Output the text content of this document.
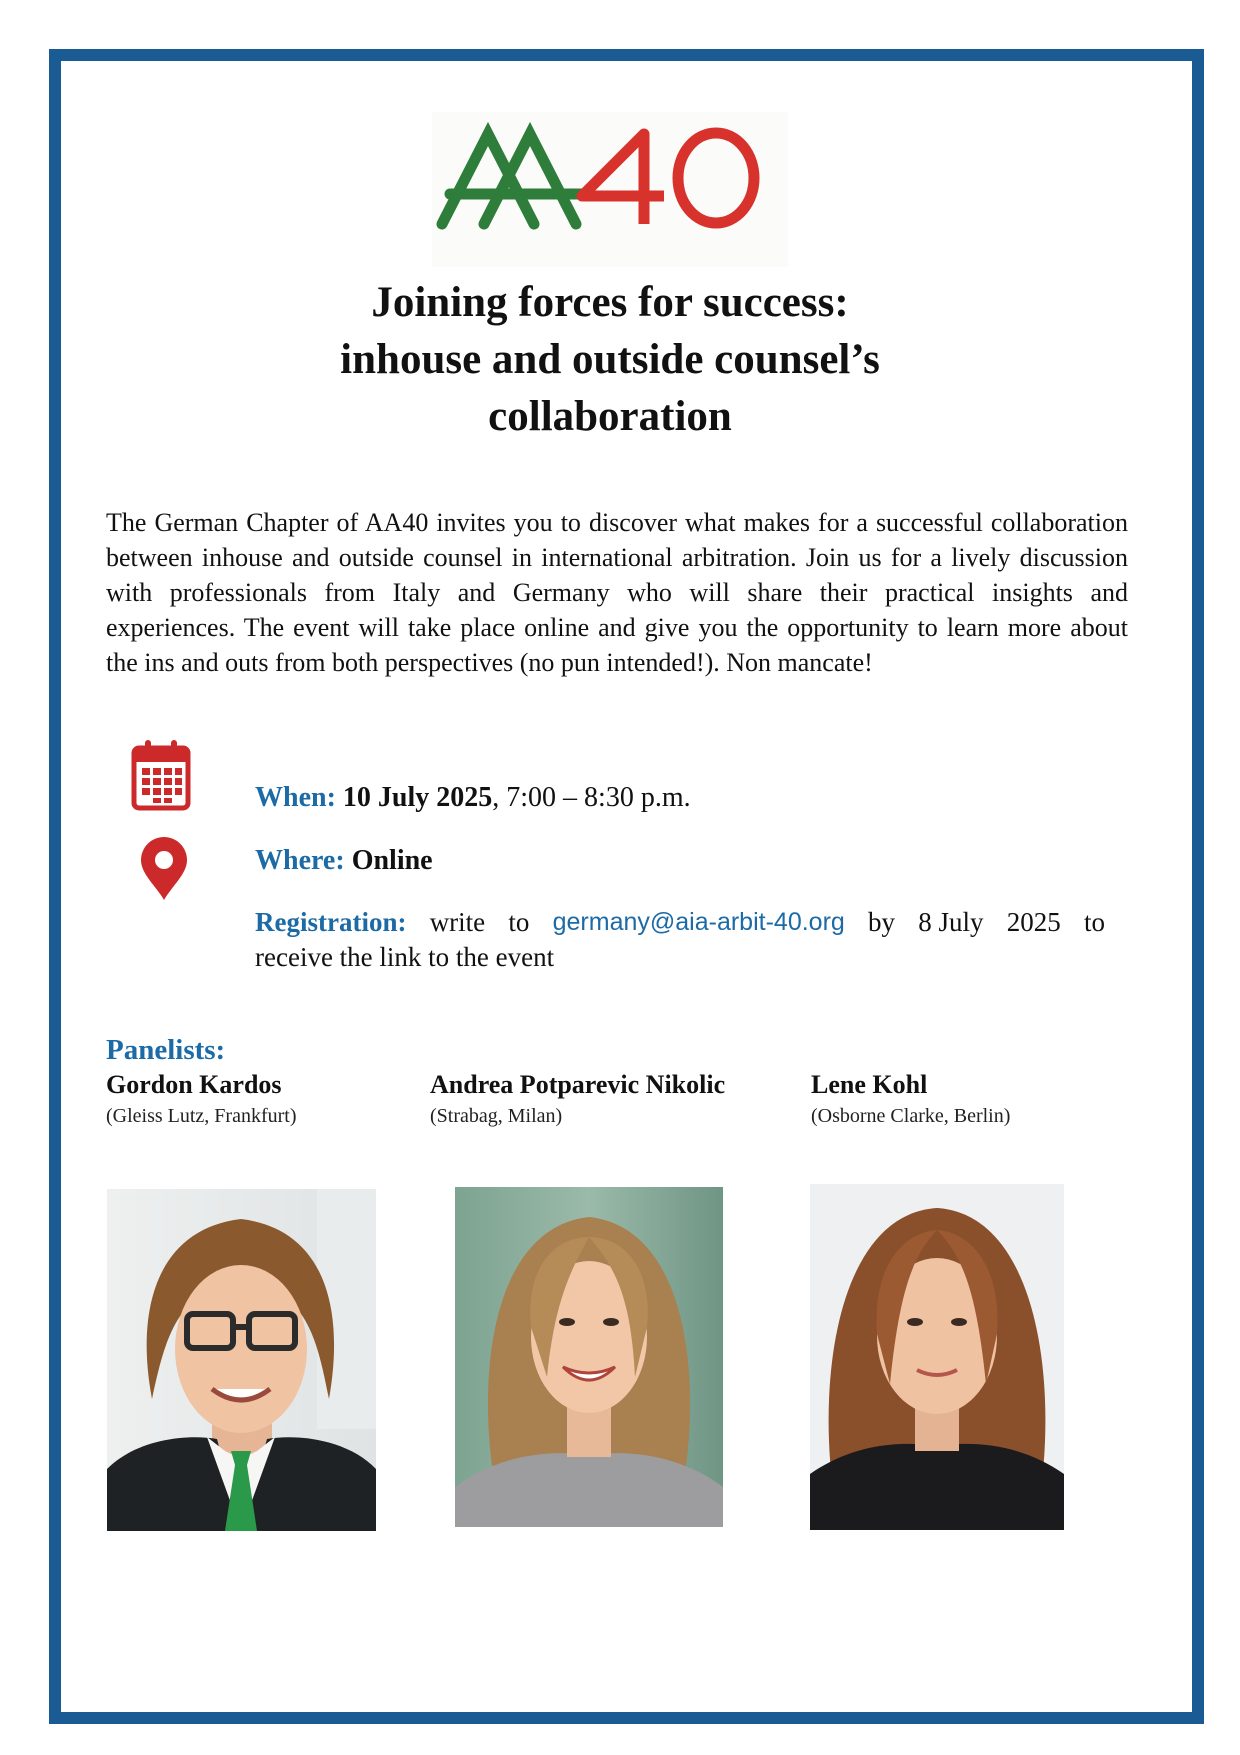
Joining forces for success:
inhouse and outside counsel’s
collaboration

The German Chapter of AA40 invites you to discover what makes for a successful collaboration between inhouse and outside counsel in international arbitration. Join us for a lively discussion with professionals from Italy and Germany who will share their practical insights and experiences. The event will take place online and give you the opportunity to learn more about the ins and outs from both perspectives (no pun intended!). Non mancate!

When: 10 July 2025, 7:00 – 8:30 p.m.
Where: Online
Registration: write to germany@aia-arbit-40.org by 8 July 2025 to
receive the link to the event
Panelists:
Gordon Kardos
(Gleiss Lutz, Frankfurt)
Andrea Potparevic Nikolic
(Strabag, Milan)
Lene Kohl
(Osborne Clarke, Berlin)
